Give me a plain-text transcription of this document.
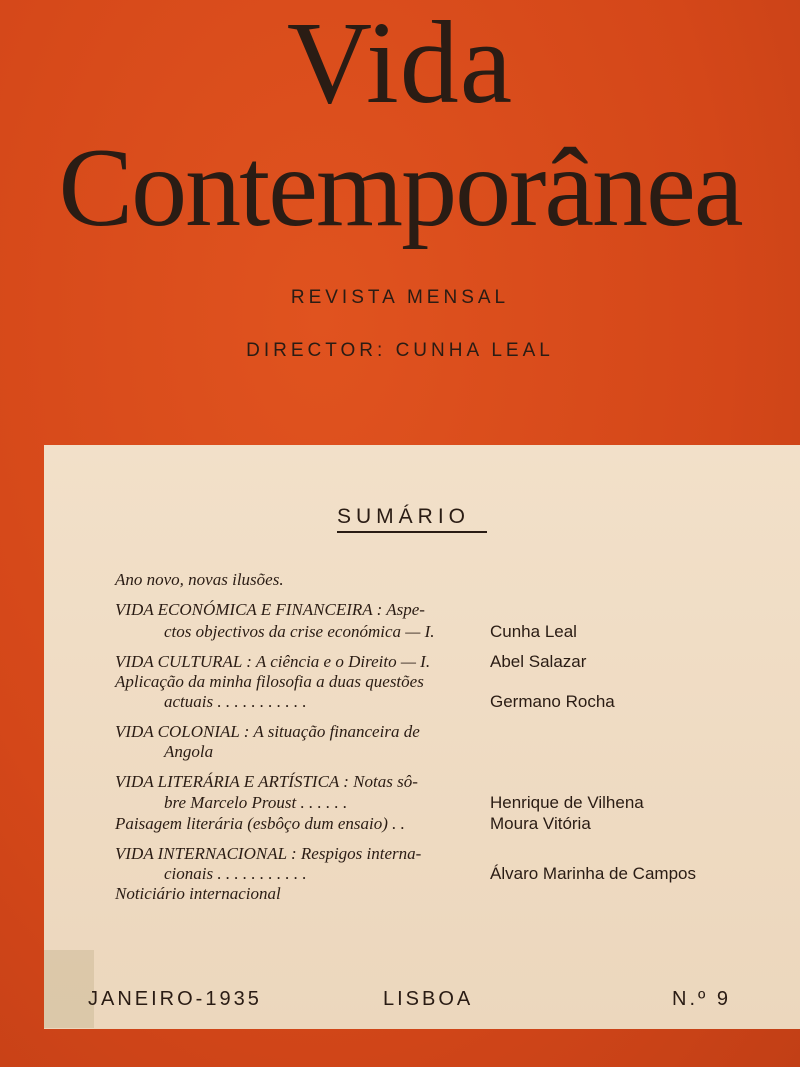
Vida
Contemporânea
REVISTA MENSAL
DIRECTOR: CUNHA LEAL
SUMÁRIO
Ano novo, novas ilusões.
VIDA ECONÓMICA E FINANCEIRA : Aspe-
ctos objectivos da crise económica — I.	Cunha Leal
VIDA CULTURAL : A ciência e o Direito — I.	Abel Salazar
Aplicação da minha filosofia a duas questões
actuais . . . . . . . . . . .	Germano Rocha
VIDA COLONIAL : A situação financeira de
Angola
VIDA LITERÁRIA E ARTÍSTICA : Notas sô-
bre Marcelo Proust . . . . . .	Henrique de Vilhena
Paisagem literária (esbôço dum ensaio) . .	Moura Vitória
VIDA INTERNACIONAL : Respigos interna-
cionais . . . . . . . . . . .	Álvaro Marinha de Campos
Noticiário internacional
JANEIRO-1935	LISBOA	N.º 9
